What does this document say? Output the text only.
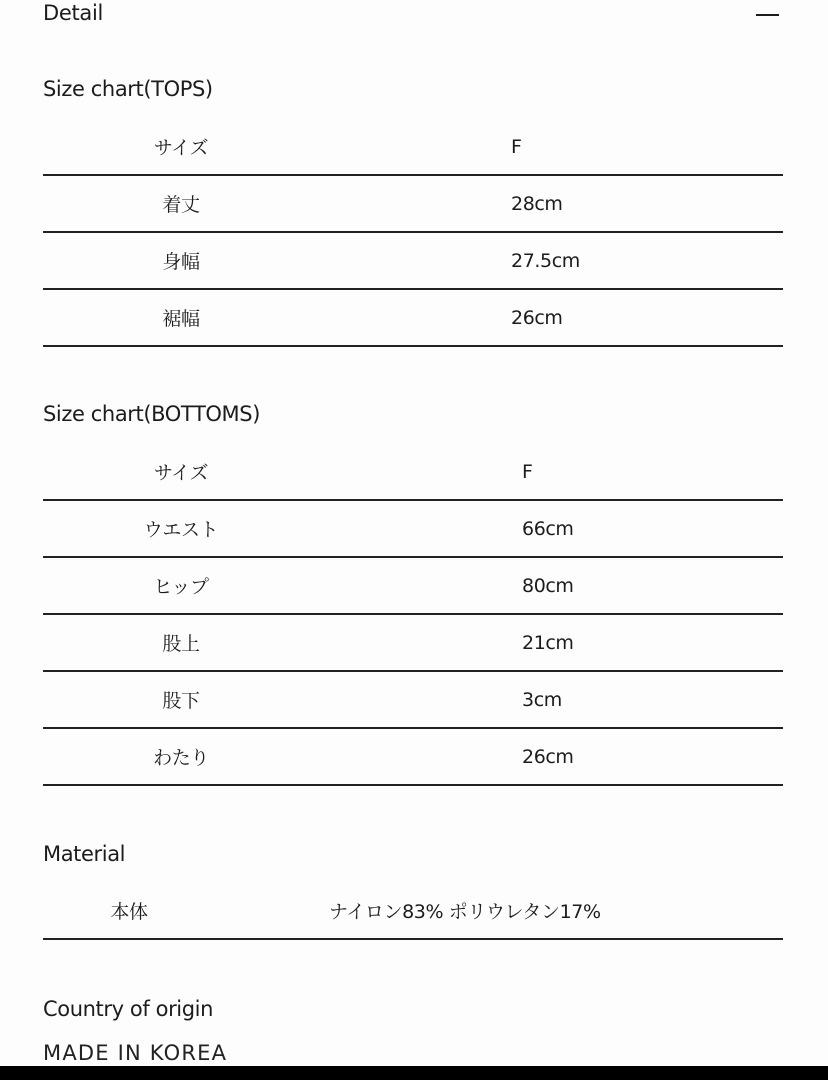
Detail
Size chart(TOPS)
サイズ	F
着丈	28cm
身幅	27.5cm
裾幅	26cm
Size chart(BOTTOMS)
サイズ	F
ウエスト	66cm
ヒップ	80cm
股上	21cm
股下	3cm
わたり	26cm
Material
本体	ナイロン83% ポリウレタン17%
Country of origin
MADE IN KOREA
